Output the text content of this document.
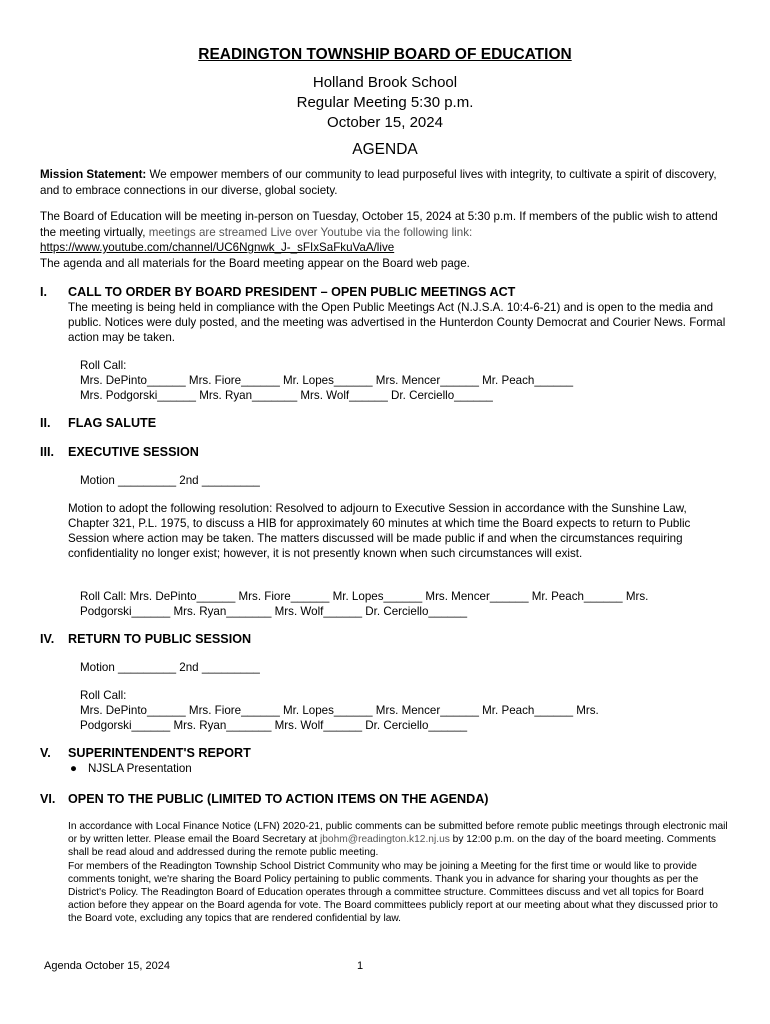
READINGTON TOWNSHIP BOARD OF EDUCATION
Holland Brook School
Regular Meeting 5:30 p.m.
October 15, 2024
AGENDA
Mission Statement: We empower members of our community to lead purposeful lives with integrity, to cultivate a spirit of discovery, and to embrace connections in our diverse, global society.
The Board of Education will be meeting in-person on Tuesday, October 15, 2024 at 5:30 p.m. If members of the public wish to attend the meeting virtually, meetings are streamed Live over Youtube via the following link:
https://www.youtube.com/channel/UC6Ngnwk_J-_sFIxSaFkuVaA/live
The agenda and all materials for the Board meeting appear on the Board web page.
I.	CALL TO ORDER BY BOARD PRESIDENT – OPEN PUBLIC MEETINGS ACT
The meeting is being held in compliance with the Open Public Meetings Act (N.J.S.A. 10:4-6-21) and is open to the media and public. Notices were duly posted, and the meeting was advertised in the Hunterdon County Democrat and Courier News. Formal action may be taken.
Roll Call:
Mrs. DePinto______ Mrs. Fiore______ Mr. Lopes______ Mrs. Mencer______ Mr. Peach______
Mrs. Podgorski______ Mrs. Ryan_______ Mrs. Wolf______ Dr. Cerciello______
II.	FLAG SALUTE
III.	EXECUTIVE SESSION
Motion _________ 2nd _________
Motion to adopt the following resolution: Resolved to adjourn to Executive Session in accordance with the Sunshine Law, Chapter 321, P.L. 1975, to discuss a HIB for approximately 60 minutes at which time the Board expects to return to Public Session where action may be taken. The matters discussed will be made public if and when the circumstances requiring confidentiality no longer exist; however, it is not presently known when such circumstances will exist.
Roll Call: Mrs. DePinto______ Mrs. Fiore______ Mr. Lopes______ Mrs. Mencer______ Mr. Peach______ Mrs.
Podgorski______ Mrs. Ryan_______ Mrs. Wolf______ Dr. Cerciello______
IV.	RETURN TO PUBLIC SESSION
Motion _________ 2nd _________
Roll Call:
Mrs. DePinto______ Mrs. Fiore______ Mr. Lopes______ Mrs. Mencer______ Mr. Peach______ Mrs.
Podgorski______ Mrs. Ryan_______ Mrs. Wolf______ Dr. Cerciello______
V.	SUPERINTENDENT'S REPORT
● NJSLA Presentation
VI. OPEN TO THE PUBLIC (LIMITED TO ACTION ITEMS ON THE AGENDA)
In accordance with Local Finance Notice (LFN) 2020-21, public comments can be submitted before remote public meetings through electronic mail or by written letter. Please email the Board Secretary at jbohm@readington.k12.nj.us by 12:00 p.m. on the day of the board meeting. Comments shall be read aloud and addressed during the remote public meeting.
For members of the Readington Township School District Community who may be joining a Meeting for the first time or would like to provide comments tonight, we're sharing the Board Policy pertaining to public comments. Thank you in advance for sharing your thoughts as per the District's Policy. The Readington Board of Education operates through a committee structure. Committees discuss and vet all topics for Board action before they appear on the Board agenda for vote. The Board committees publicly report at our meeting about what they discussed prior to the Board vote, excluding any topics that are rendered confidential by law.
Agenda October 15, 2024	1
